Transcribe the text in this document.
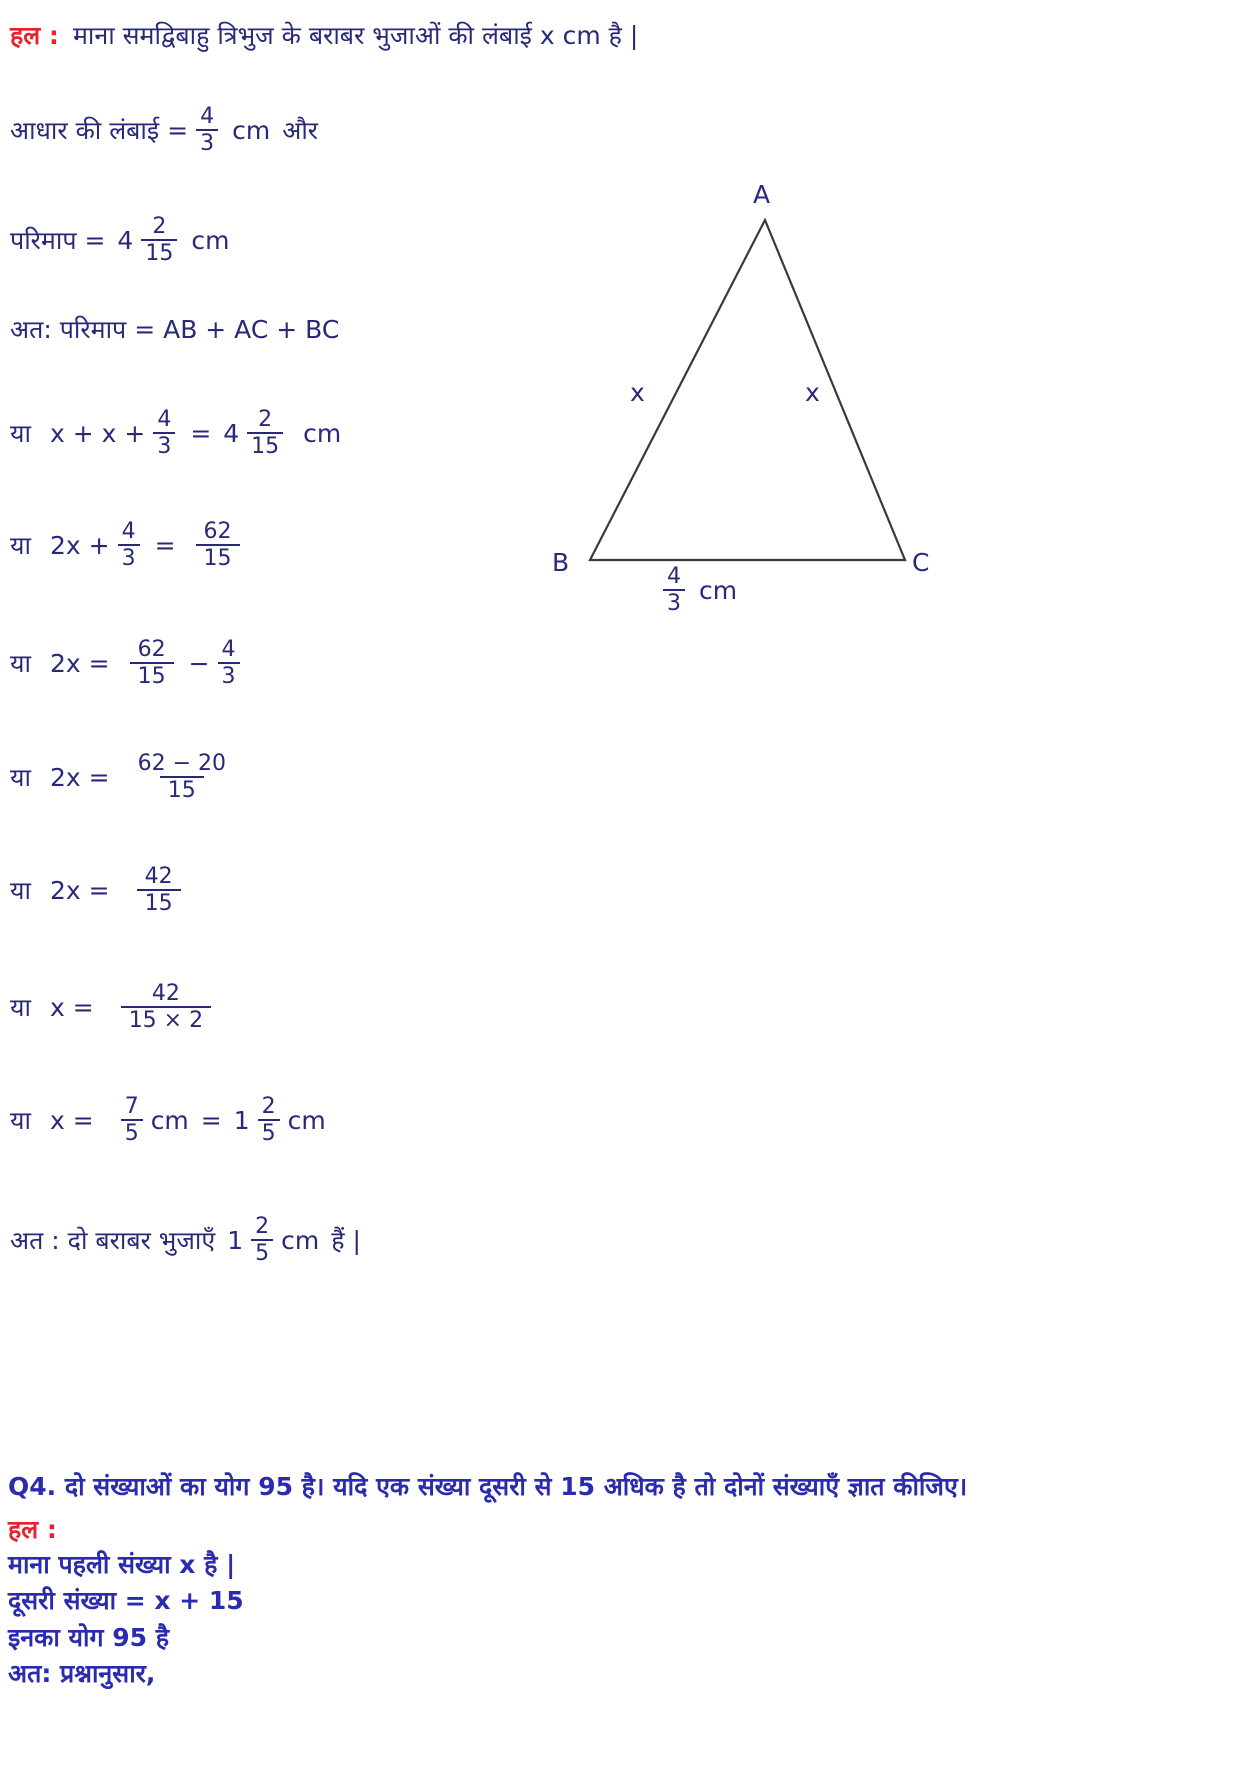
हल : माना समद्विबाहु त्रिभुज के बराबर भुजाओं की लंबाई x cm है |
आधार की लंबाई = $\frac{4}{3}$ cm और
परिमाप = $4 \frac{2}{15}$ cm
अत: परिमाप = AB + AC + BC
या $x + x + \frac{4}{3} = 4 \frac{2}{15}$ cm
या $2x + \frac{4}{3} = \frac{62}{15}$
या $2x = \frac{62}{15} - \frac{4}{3}$
या $2x = \frac{62 - 20}{15}$
या $2x = \frac{42}{15}$
या $x = \frac{42}{15 \times 2}$
या $x = \frac{7}{5}$ cm = $1 \frac{2}{5}$ cm
अत : दो बराबर भुजाएँ $1 \frac{2}{5}$ cm हैं |
A
B	C
x	x
$\frac{4}{3}$ cm
Q4. दो संख्याओं का योग 95 है। यदि एक संख्या दूसरी से 15 अधिक है तो दोनों संख्याएँ ज्ञात कीजिए।
हल :
माना पहली संख्या x है |
दूसरी संख्या = x + 15
इनका योग 95 है
अत: प्रश्नानुसार,
